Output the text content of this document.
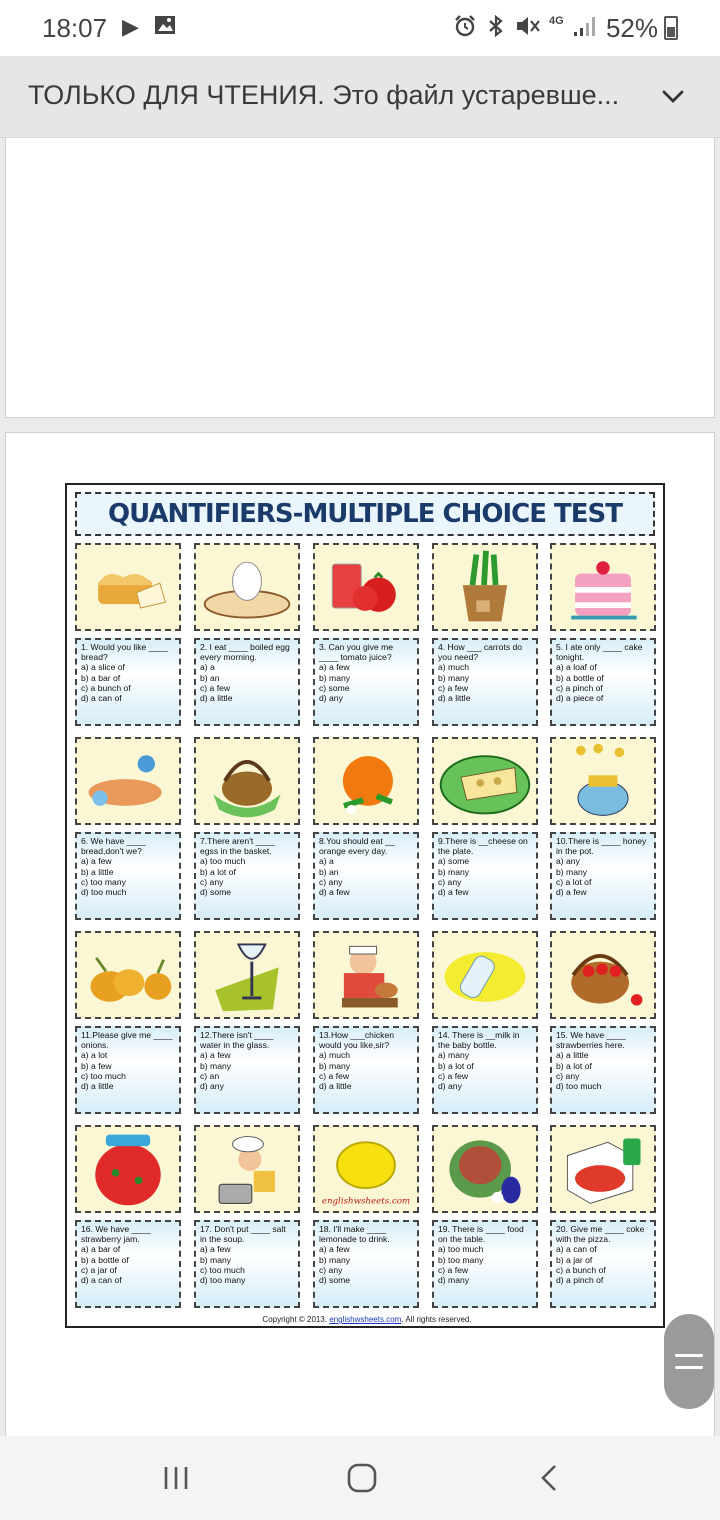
18:07 ▶	4G 52%
ТОЛЬКО ДЛЯ ЧТЕНИЯ. Это файл устаревше...
QUANTIFIERS-MULTIPLE CHOICE TEST
Copyright © 2013. englishwsheets.com. All rights reserved.
1. Would you like ____ bread?
a) a slice of
b) a bar of
c) a bunch of
d) a can of
2. I eat ____ boiled egg every morning.
a) a
b) an
c) a few
d) a little
3. Can you give me ____ tomato juice?
a) a few
b) many
c) some
d) any
4. How ___ carrots do you need?
a) much
b) many
c) a few
d) a little
5. I ate only ____ cake tonight.
a) a loaf of
b) a bottle of
c) a pinch of
d) a piece of
6. We have ____ bread,don't we?
a) a few
b) a little
c) too many
d) too much
7.There aren't ____ egss in the basket.
a) too much
b) a lot of
c) any
d) some
8.You should eat __ orange every day.
a) a
b) an
c) any
d) a few
9.There is __cheese on the plate.
a) some
b) many
c) any
d) a few
10.There is ____ honey in the pot.
a) any
b) many
c) a lot of
d) a few
11.Please give me ____ onions.
a) a lot
b) a few
c) too much
d) a little
12.There isn't ____ water in the glass.
a) a few
b) many
c) an
d) any
13.How ___chicken would you like,sir?
a) much
b) many
c) a few
d) a little
14. There is __milk in the baby bottle.
a) many
b) a lot of
c) a few
d) any
15. We have ____ strawberries here.
a) a little
b) a lot of
c) any
d) too much
16. We have ____ strawberry jam.
a) a bar of
b) a bottle of
c) a jar of
d) a can of
17. Don't put ____ salt in the soup.
a) a few
b) many
c) too much
d) too many
englishwsheets.com
18. I'll make ____ lemonade to drink.
a) a few
b) many
c) any
d) some
19. There is ____ food on the table.
a) too much
b) too many
c) a few
d) many
20. Give me ____ coke with the pizza.
a) a can of
b) a jar of
c) a bunch of
d) a pinch of
